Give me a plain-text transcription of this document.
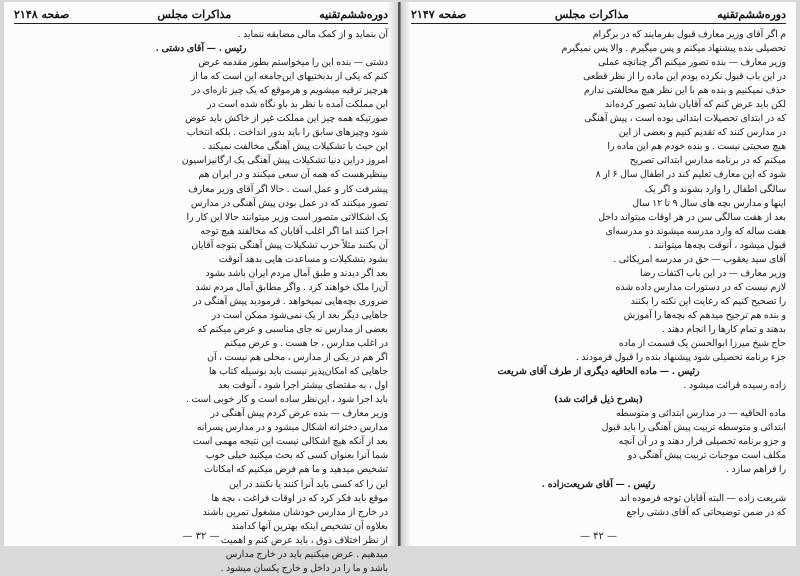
دوره‌ششم‌تقنیه
مذاکرات مجلس
صفحه ۲۱۴۸
آن بنماید و از کمک مالی مضایقه ننماید .
رئیس . — آقای دشتی .
دشتی — بنده این را میخواستم بطور مقدمه عرض
کنم که یکی از بدبختیهای این‌جامعه این است که ما از
هرچیز ترقیه میشویم و هرموقع که یک چیز تازه‌ای در
این مملکت آمده با نظر بد باو نگاه شده است در
صورتیکه همه چیز این مملکت غیر از خاکش باید عوض
شود وچیزهای سابق را باید بدور انداخت . بلکه انتخاب
این حیث با تشکیلات پیش آهنگی مخالفت نمیکند .
امروز دراین دنیا تشکیلات پیش آهنگی یک ارگانیزاسیون
بینظیرهست که همه آن سعی میکنند و در ایران هم
پیشرفت کار و عمل است . حالا اگر آقای وزیر معارف
تصور میکنند که در عمل بودن پیش آهنگی در مدارس
یک اشکالاتی متصور است وزیر میتوانند حالا این کار را
اجرا کنند اما اگر اغلب آقایان که مخالفند هیچ توجه
آن بکنند مثلاً حزب تشکیلات پیش آهنگی بتوجه آقایان
بشود بتشکیلات و مساعدت هایی بدهد آنوقت
بعد اگر دیدند و طبق آمال مردم ایران باشد بشود
آن‌را ملک خواهند کرد . واگر مطابق آمال مردم نشد
ضروری بچه‌هایی نمیخواهد . فرمودید پیش آهنگی در
جاهایی دیگر بعد از یک نمی‌شود ممکن است در
بعضی از مدارس نه جای مناسبی و عرض میکنم که
در اغلب مدارس ، جا هست . و عرض میکنم
اگر هم در یکی از مدارس ، محلی هم نیست ، آن
جاهایی که امکان‌پذیر نیست باید بوسیله کتاب ها
اول ، به مقتضای بیشتر اجرا شود ، آنوقت بعد
باید اجرا شود ، این‌نظر ساده است و کار خوبی است .
وزیر معارف — بنده عرض کردم پیش آهنگی در
مدارس دخترانه اشکال میشود و در مدارس پسرانه
بعد از آنکه هیچ اشکالی نیست این نتیجه مهمی است
شما آنرا بعنوان کسی که بحث میکنید خیلی خوب
تشخیص میدهید و ما هم فرض میکنیم که امکانات
این را که کسی باید آنرا کنند یا نکنند در این
موقع باید فکر کرد که در اوقات فراغت ، بچه ها
در خارج از مدارس خودشان مشغول تمرین باشند
بعلاوه آن تشخیص اینکه بهترین آنها کدامند
از نظر اختلاف ذوق ، باید عرض کنم و اهمیت
میدهیم . عرض میکنیم باید در خارج مدارس
باشد و ما را در داخل و خارج یکسان میشود .
— ۳۲ —
دوره‌ششم‌تقنیه
مذاکرات مجلس
صفحه ۲۱۴۷
م اگر آقای وزیر معارف قبول بفرمایند که در برگرام
تحصیلی بنده پیشنهاد میکنم و پس میگیرم . والا پس نمیگیرم
وزیر معارف — بنده تصور میکنم اگر چنانچه عملی
در این باب قبول نکرده بودم این ماده‌ را از نظر قطعی
حذف نمیکنیم و بنده هم با این نظر هیچ مخالفتی ندارم
لکن باید عرض کنم که آقایان شاید تصور کرده‌اند
که در ابتدای تحصیلات ابتدائی بوده‌ است ، پیش آهنگی
در مدارس کنند که تقدیم کنیم و بعضی از این
هیچ صحبتی نیست . و بنده خودم هم این ماده را
میکنم که در برنامه مدارس ابتدائی تصریح
شود که این معارف تعلیم کند در اطفال سال ۶ از ۸
سالگی اطفال را وارد بشوند و اگر یک
اینها و مدارس بچه های سال ۹ تا ۱۲ سال
بعد از هفت سالگی سن در هر اوقات میتواند داخل
هفت ساله که وارد مدرسه میشوند دو مدرسه‌ای
قبول میشود ، آنوقت بچه‌ها میتوانند .
آقای سید یعقوب — حق در مدرسه امریکائی .
وزیر معارف — در این باب اکتفات رضا
لازم نیست که در دستورات مدارس داده شده
را تصحیح کنیم که رعایت این نکته را بکنند
و بنده هم ترجیح میدهم که بچه‌ها را آموزش
بدهند و تمام کارها را انجام دهند .
حاج شیخ میرزا ابوالحسن یک قسمت از ماده
جزء برنامه تحصیلی شود پیشنهاد بنده را قبول فرمودند .
رئیس . — ماده الحاقیه دیگری از طرف آقای شریعت‌
زاده رسیده قرائت میشود .
(بشرح ذیل قرائت شد)
ماده الحاقیه — در مدارس ابتدائی و متوسطه
ابتدائی و متوسطه تربیت پیش آهنگی را باید قبول
و جزو برنامه تحصیلی قرار دهند و در آن آنچه
مکلف است موجبات تربیت پیش آهنگی دو
را فراهم سازد .
رئیس . — آقای شریعت‌زاده .
شریعت زاده — البته آقایان توجه فرموده اند
که در ضمن توضیحاتی که آقای دشتی راجع
— ۴۲ —
